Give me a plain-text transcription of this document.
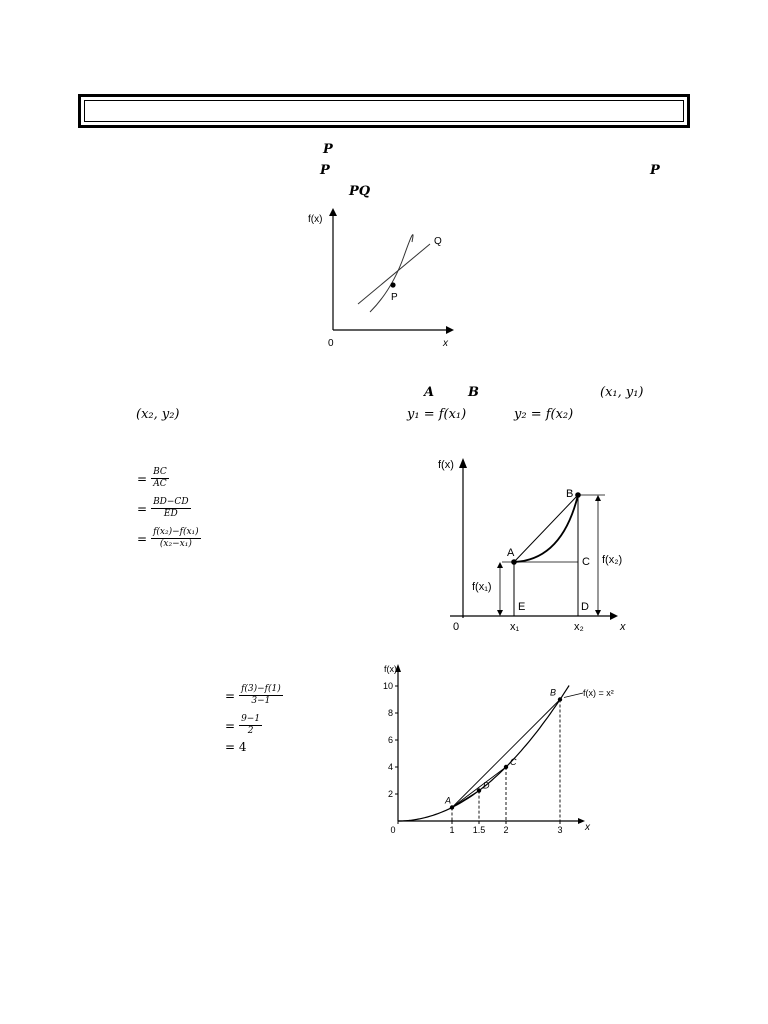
P
P	P
PQ
f(x)
x
0
P
Q
A	B	(x₁, y₁)
(x₂, y₂)	y₁ = f(x₁)	y₂ = f(x₂)
= $\frac{BC}{AC}$
= $\frac{BD-CD}{ED}$
= $\frac{\text{f(x₂)−f(x₁)}}{\text{(x₂−x₁)}}$
f(x)
x
0
A
B
C
D
E
f(x₁)
f(x₂)
x₁	x₂
= $\frac{f(3)-f(1)}{3-1}$
= $\frac{9-1}{2}$
= 4
f(x)
x
f(x) = x²
2
4
6
8
10
0	1 1.5 2	3
A
D
C
B
